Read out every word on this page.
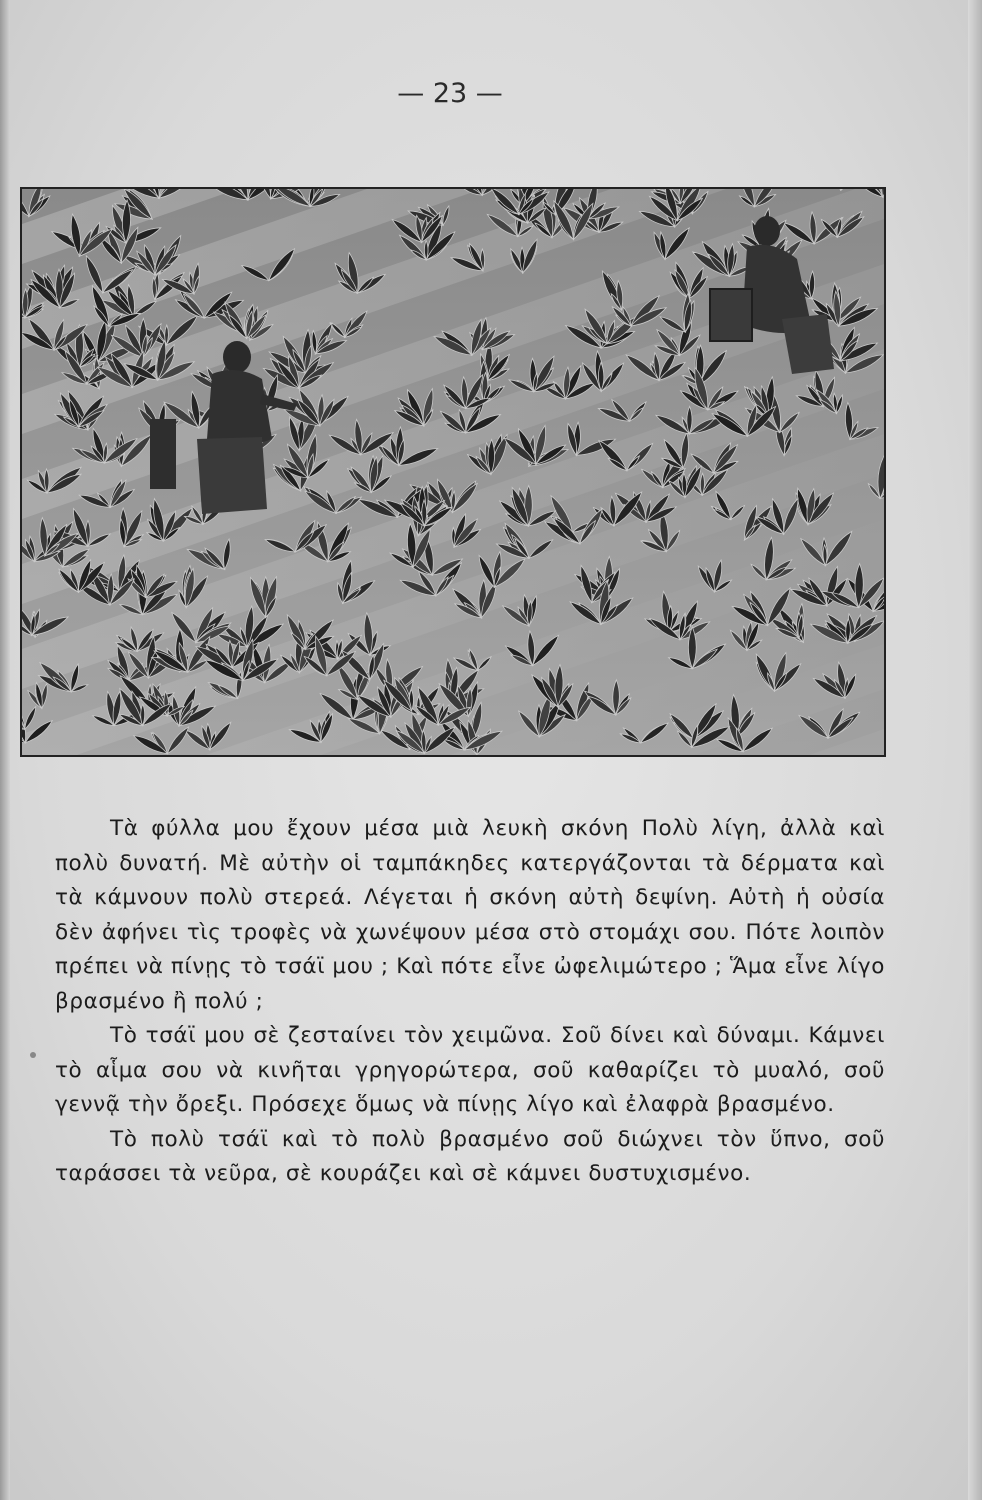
— 23 —

Τὰ φύλλα μου ἔχουν μέσα μιὰ λευκὴ σκόνη Πολὺ λίγη, ἀλλὰ καὶ πολὺ δυνατή. Μὲ αὐτὴν οἱ ταμπάκηδες κατεργάζονται τὰ δέρματα καὶ τὰ κάμνουν πολὺ στερεά. Λέγεται ἡ σκόνη αὐτὴ δεψίνη. Αὐτὴ ἡ οὐσία δὲν ἀφήνει τὶς τροφὲς νὰ χωνέψουν μέσα στὸ στομάχι σου. Πότε λοιπὸν πρέπει νὰ πίνῃς τὸ τσάϊ μου ; Καὶ πότε εἶνε ὠφελιμώτερο ; Ἅμα εἶνε λίγο βρασμένο ἢ πολύ ;

Τὸ τσάϊ μου σὲ ζεσταίνει τὸν χειμῶνα. Σοῦ δίνει καὶ δύναμι. Κάμνει τὸ αἷμα σου νὰ κινῆται γρηγορώτερα, σοῦ καθαρίζει τὸ μυαλό, σοῦ γεννᾷ τὴν ὄρεξι. Πρόσεχε ὅμως νὰ πίνῃς λίγο καὶ ἐλαφρὰ βρασμένο.

Τὸ πολὺ τσάϊ καὶ τὸ πολὺ βρασμένο σοῦ διώχνει τὸν ὕπνο, σοῦ ταράσσει τὰ νεῦρα, σὲ κουράζει καὶ σὲ κάμνει δυστυχισμένο.
